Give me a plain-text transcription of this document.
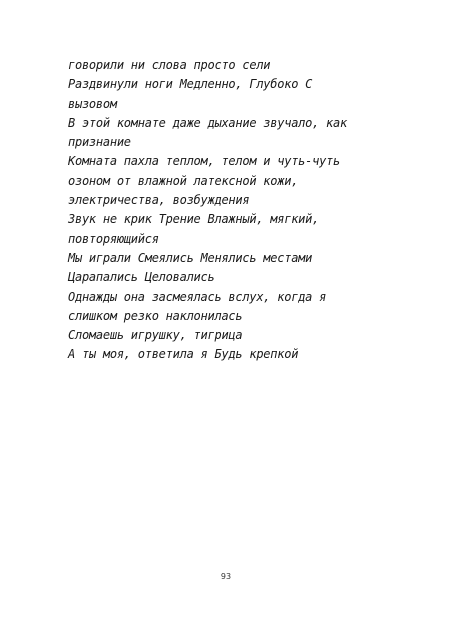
говорили ни слова просто сели
Раздвинули ноги Медленно, Глубоко С
вызовом
В этой комнате даже дыхание звучало, как
признание
Комната пахла теплом, телом и чуть-чуть
озоном от влажной латексной кожи,
электричества, возбуждения
Звук не крик Трение Влажный, мягкий,
повторяющийся
Мы играли Смеялись Менялись местами
Царапались Целовались
Однажды она засмеялась вслух, когда я
слишком резко наклонилась
Сломаешь игрушку, тигрица
А ты моя, ответила я Будь крепкой
93
